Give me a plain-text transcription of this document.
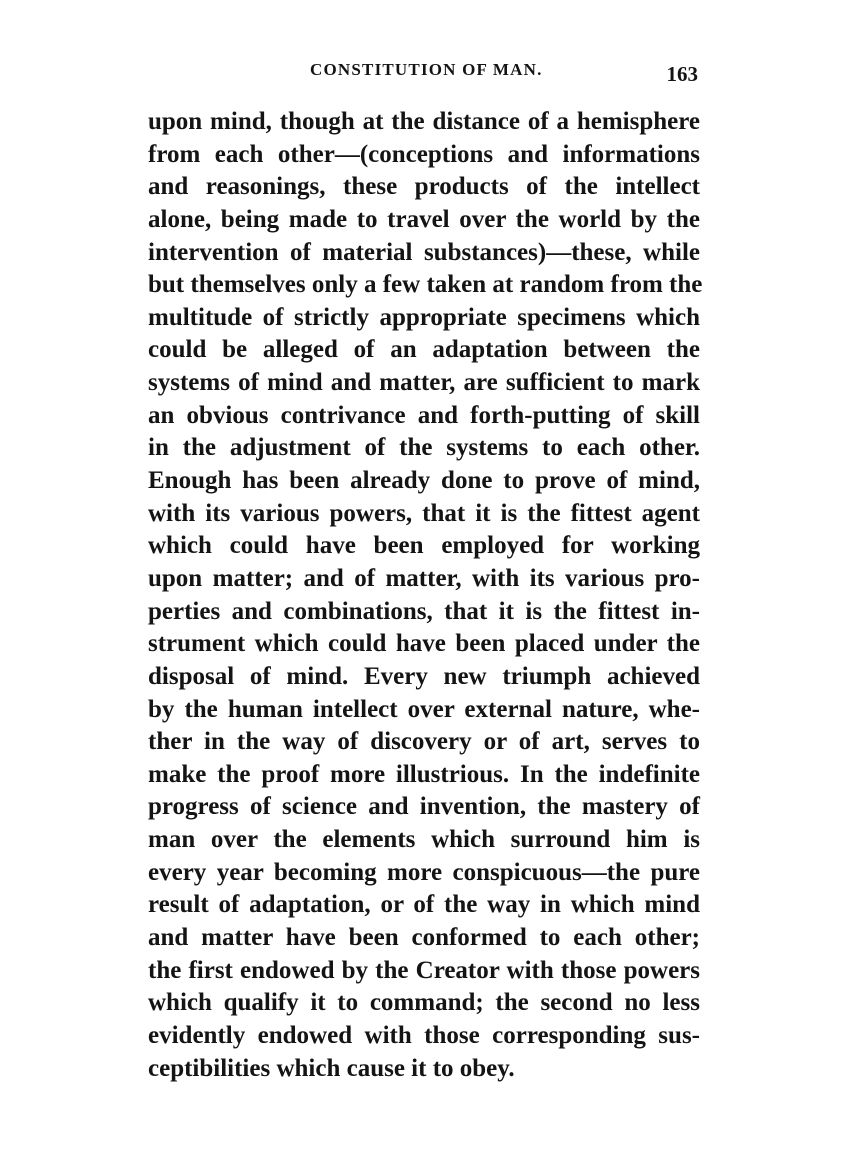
CONSTITUTION OF MAN.	163
upon mind, though at the distance of a hemisphere
from each other—(conceptions and informations
and reasonings, these products of the intellect
alone, being made to travel over the world by the
intervention of material substances)—these, while
but themselves only a few taken at random from the
multitude of strictly appropriate specimens which
could be alleged of an adaptation between the
systems of mind and matter, are sufficient to mark
an obvious contrivance and forth-putting of skill
in the adjustment of the systems to each other.
Enough has been already done to prove of mind,
with its various powers, that it is the fittest agent
which could have been employed for working
upon matter; and of matter, with its various pro-
perties and combinations, that it is the fittest in-
strument which could have been placed under the
disposal of mind. Every new triumph achieved
by the human intellect over external nature, whe-
ther in the way of discovery or of art, serves to
make the proof more illustrious. In the indefinite
progress of science and invention, the mastery of
man over the elements which surround him is
every year becoming more conspicuous—the pure
result of adaptation, or of the way in which mind
and matter have been conformed to each other;
the first endowed by the Creator with those powers
which qualify it to command; the second no less
evidently endowed with those corresponding sus-
ceptibilities which cause it to obey.
